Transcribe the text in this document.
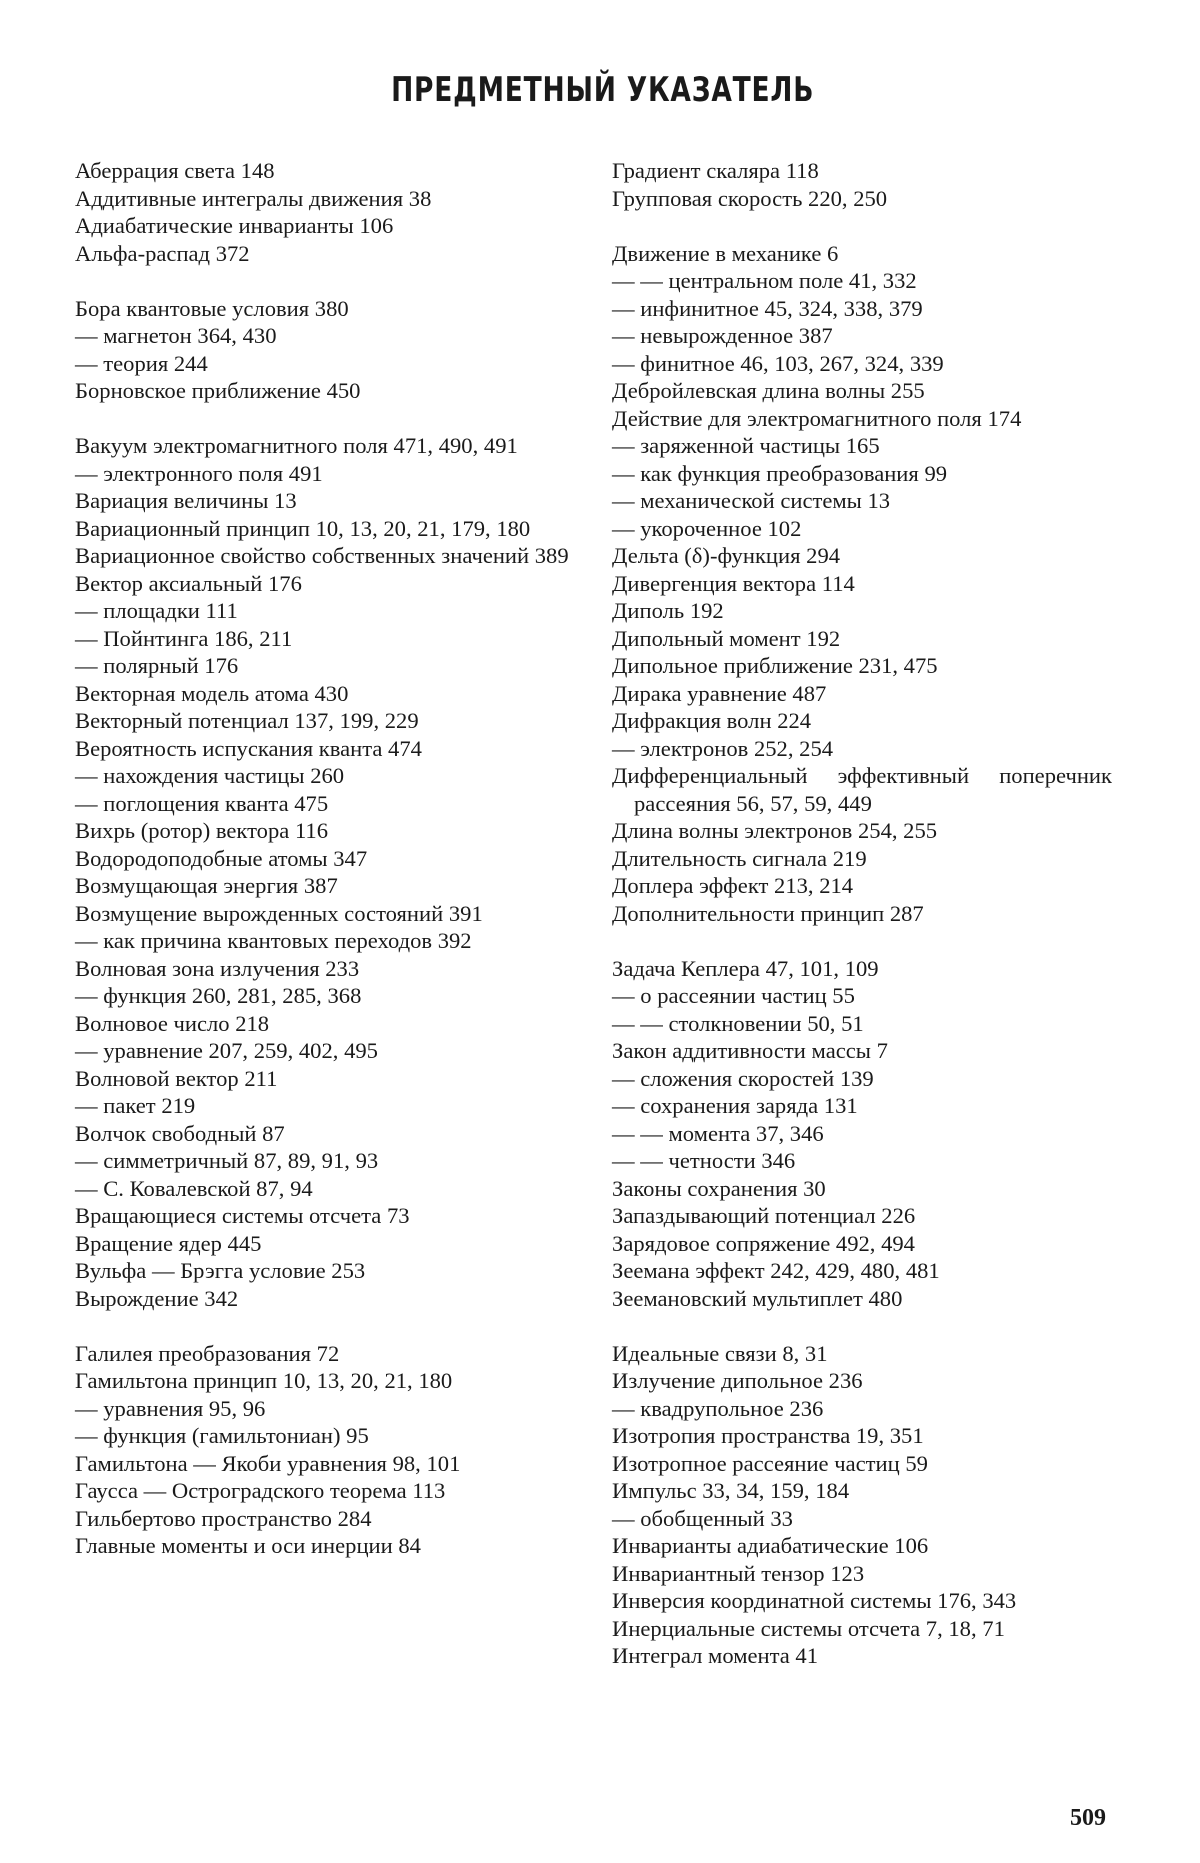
ПРЕДМЕТНЫЙ УКАЗАТЕЛЬ
Аберрация света 148
Аддитивные интегралы движения 38
Адиабатические инварианты 106
Альфа-распад 372
Бора квантовые условия 380
— магнетон 364, 430
— теория 244
Борновское приближение 450
Вакуум электромагнитного поля 471, 490, 491
— электронного поля 491
Вариация величины 13
Вариационный принцип 10, 13, 20, 21, 179, 180
Вариационное свойство собственных значений 389
Вектор аксиальный 176
— площадки 111
— Пойнтинга 186, 211
— полярный 176
Векторная модель атома 430
Векторный потенциал 137, 199, 229
Вероятность испускания кванта 474
— нахождения частицы 260
— поглощения кванта 475
Вихрь (ротор) вектора 116
Водородоподобные атомы 347
Возмущающая энергия 387
Возмущение вырожденных состояний 391
— как причина квантовых переходов 392
Волновая зона излучения 233
— функция 260, 281, 285, 368
Волновое число 218
— уравнение 207, 259, 402, 495
Волновой вектор 211
— пакет 219
Волчок свободный 87
— симметричный 87, 89, 91, 93
— С. Ковалевской 87, 94
Вращающиеся системы отсчета 73
Вращение ядер 445
Вульфа — Брэгга условие 253
Вырождение 342
Галилея преобразования 72
Гамильтона принцип 10, 13, 20, 21, 180
— уравнения 95, 96
— функция (гамильтониан) 95
Гамильтона — Якоби уравнения 98, 101
Гаусса — Остроградского теорема 113
Гильбертово пространство 284
Главные моменты и оси инерции 84
Градиент скаляра 118
Групповая скорость 220, 250
Движение в механике 6
— — центральном поле 41, 332
— инфинитное 45, 324, 338, 379
— невырожденное 387
— финитное 46, 103, 267, 324, 339
Дебройлевская длина волны 255
Действие для электромагнитного поля 174
— заряженной частицы 165
— как функция преобразования 99
— механической системы 13
— укороченное 102
Дельта (δ)-функция 294
Дивергенция вектора 114
Диполь 192
Дипольный момент 192
Дипольное приближение 231, 475
Дирака уравнение 487
Дифракция волн 224
— электронов 252, 254
Дифференциальный эффективный поперечник рассеяния 56, 57, 59, 449
Длина волны электронов 254, 255
Длительность сигнала 219
Доплера эффект 213, 214
Дополнительности принцип 287
Задача Кеплера 47, 101, 109
— о рассеянии частиц 55
— — столкновении 50, 51
Закон аддитивности массы 7
— сложения скоростей 139
— сохранения заряда 131
— — момента 37, 346
— — четности 346
Законы сохранения 30
Запаздывающий потенциал 226
Зарядовое сопряжение 492, 494
Зеемана эффект 242, 429, 480, 481
Зеемановский мультиплет 480
Идеальные связи 8, 31
Излучение дипольное 236
— квадрупольное 236
Изотропия пространства 19, 351
Изотропное рассеяние частиц 59
Импульс 33, 34, 159, 184
— обобщенный 33
Инварианты адиабатические 106
Инвариантный тензор 123
Инверсия координатной системы 176, 343
Инерциальные системы отсчета 7, 18, 71
Интеграл момента 41
509
